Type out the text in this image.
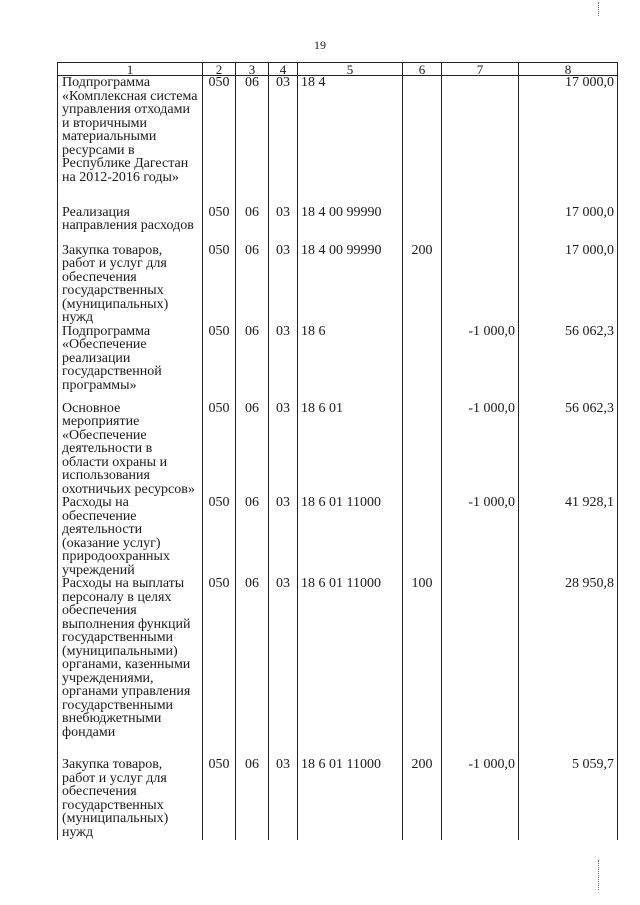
19
1	2	3	4	5	6	7	8
Подпрограмма «Комплексная система управления отходами и вторичными материальными ресурсами в Республике Дагестан на 2012-2016 годы»	050	06	03	18 4			17 000,0
Реализация направления расходов	050	06	03	18 4 00 99990			17 000,0
Закупка товаров, работ и услуг для обеспечения государственных (муниципальных) нужд	050	06	03	18 4 00 99990	200		17 000,0
Подпрограмма «Обеспечение реализации государственной программы»	050	06	03	18 6		-1 000,0	56 062,3
Основное мероприятие «Обеспечение деятельности в области охраны и использования охотничьих ресурсов»	050	06	03	18 6 01		-1 000,0	56 062,3
Расходы на обеспечение деятельности (оказание услуг) природоохранных учреждений	050	06	03	18 6 01 11000		-1 000,0	41 928,1
Расходы на выплаты персоналу в целях обеспечения выполнения функций государственными (муниципальными) органами, казенными учреждениями, органами управления государственными внебюджетными фондами	050	06	03	18 6 01 11000	100		28 950,8
Закупка товаров, работ и услуг для обеспечения государственных (муниципальных) нужд	050	06	03	18 6 01 11000	200	-1 000,0	5 059,7
